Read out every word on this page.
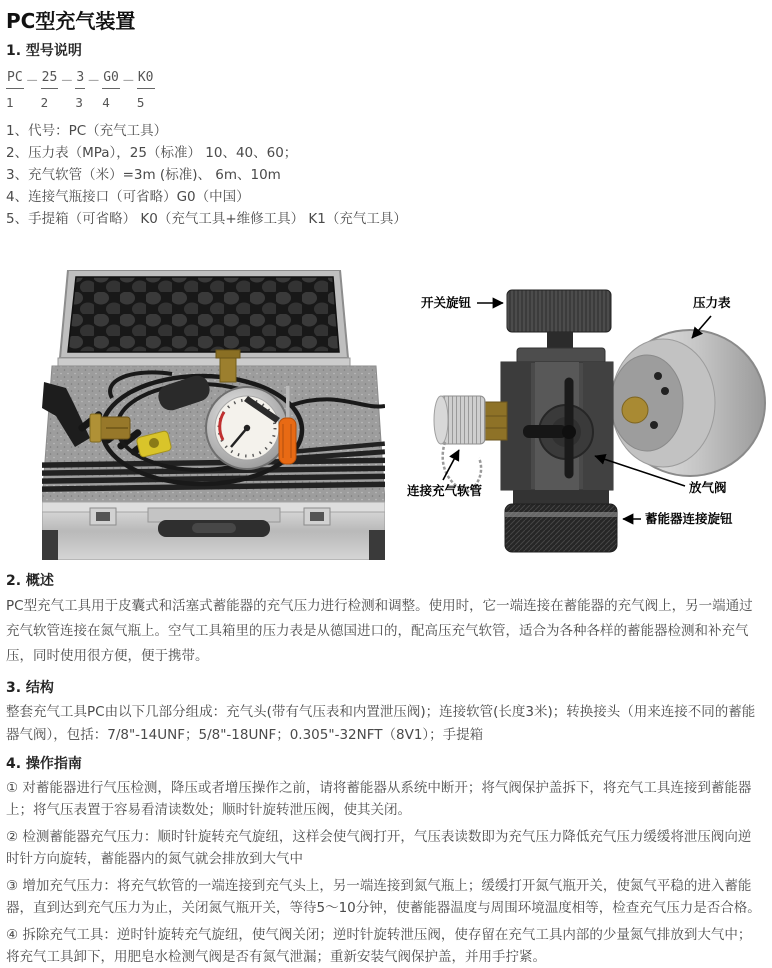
PC型充气装置
1. 型号说明
PC － 25 － 3 － G0 － K0
1	2	3 4	5
1、代号：PC（充气工具）
2、压力表（MPa），25（标准） 10、40、60；
3、充气软管（米）=3m (标准)、 6m、10m
4、连接气瓶接口（可省略）G0（中国）
5、手提箱（可省略） K0（充气工具+维修工具） K1（充气工具）
开关旋钮	压力表
连接充气软管	放气阀
蓄能器连接旋钮
2. 概述

PC型充气工具用于皮囊式和活塞式蓄能器的充气压力进行检测和调整。使用时，它一端连接在蓄能器的充气阀上，另一端通过充气软管连接在氮气瓶上。空气工具箱里的压力表是从德国进口的，配高压充气软管，适合为各种各样的蓄能器检测和补充气压，同时使用很方便，便于携带。

3. 结构

整套充气工具PC由以下几部分组成：充气头(带有气压表和内置泄压阀)；连接软管(长度3米)；转换接头（用来连接不同的蓄能器气阀），包括：7/8"-14UNF；5/8"-18UNF；0.305"-32NFT（8V1）；手提箱

4. 操作指南

① 对蓄能器进行气压检测，降压或者增压操作之前，请将蓄能器从系统中断开；将气阀保护盖拆下，将充气工具连接到蓄能器上；将气压表置于容易看清读数处；顺时针旋转泄压阀，使其关闭。

② 检测蓄能器充气压力：顺时针旋转充气旋纽，这样会使气阀打开，气压表读数即为充气压力降低充气压力缓缓将泄压阀向逆时针方向旋转，蓄能器内的氮气就会排放到大气中

③ 增加充气压力：将充气软管的一端连接到充气头上，另一端连接到氮气瓶上；缓缓打开氮气瓶开关，使氮气平稳的进入蓄能器，直到达到充气压力为止，关闭氮气瓶开关，等待5～10分钟，使蓄能器温度与周围环境温度相等，检查充气压力是否合格。

④ 拆除充气工具：逆时针旋转充气旋纽，使气阀关闭；逆时针旋转泄压阀，使存留在充气工具内部的少量氮气排放到大气中；将充气工具卸下，用肥皂水检测气阀是否有氮气泄漏；重新安装气阀保护盖，并用手拧紧。
